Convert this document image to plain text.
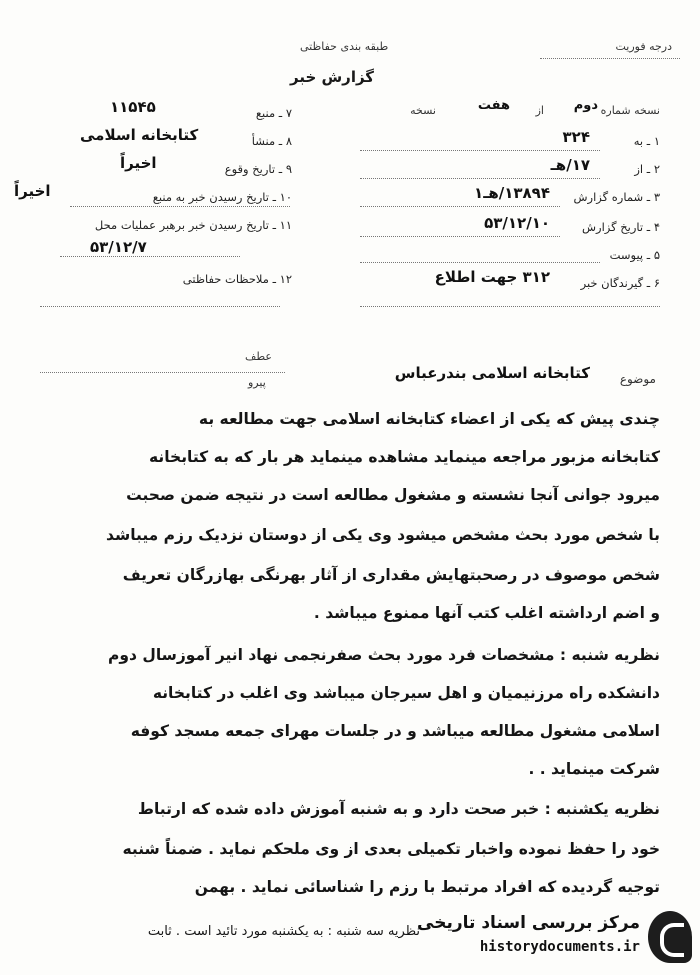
درجه فوریت
طبقه بندی حفاظتی
گزارش خبر
نسخه شماره
دوم
از
هفت
نسخه
۱ ـ به
۳۲۴
۲ ـ از
۱۷/هـ
۳ ـ شماره گزارش
۱۳۸۹۴/هـ۱
۴ ـ تاریخ گزارش
۵۳/۱۲/۱۰
۵ ـ پیوست
۶ ـ گیرندگان خبر
۳۱۲ جهت اطلاع
۷ ـ منبع
۱۱۵۴۵
۸ ـ منشأ
کتابخانه اسلامی
۹ ـ تاریخ وقوع
اخیراً
۱۰ ـ تاریخ رسیدن خبر به منبع
اخیراً
۱۱ ـ تاریخ رسیدن خبر برهبر عملیات محل
۵۳/۱۲/۷
۱۲ ـ ملاحظات حفاظتی
عطف
پیرو	موضوع
کتابخانه اسلامی بندرعباس
چندی پیش که یکی از اعضاء کتابخانه اسلامی جهت مطالعه به
کتابخانه مزبور مراجعه مینماید مشاهده مینماید هر بار که به کتابخانه
میرود جوانی آنجا نشسته و مشغول مطالعه است در نتیجه ضمن صحبت
با شخص مورد بحث مشخص میشود وی یکی از دوستان نزدیک رزم میباشد
شخص موصوف در رصحبتهایش مقداری از آثار بهرنگی بهازرگان تعریف
و اضم ارداشته اغلب کتب آنها ممنوع میباشد .
نظریه شنبه : مشخصات فرد مورد بحث صفرنجمی نهاد انیر آموزسال دوم
دانشکده راه مرزنیمیان و اهل سیرجان میباشد وی اغلب در کتابخانه
اسلامی مشغول مطالعه میباشد و در جلسات مهرای جمعه مسجد کوفه
شرکت مینماید . .
نظریه یکشنبه : خبر صحت دارد و به شنبه آموزش داده شده که ارتباط
خود را حفظ نموده واخبار تکمیلی بعدی از وی ملحکم نماید . ضمناً شنبه
توجیه گردیده که افراد مرتبط با رزم را شناسائی نماید . بهمن
نظریه سه شنبه : به یکشنبه مورد تائید است . ثابت
مرکز بررسی اسناد تاریخی
historydocuments.ir
